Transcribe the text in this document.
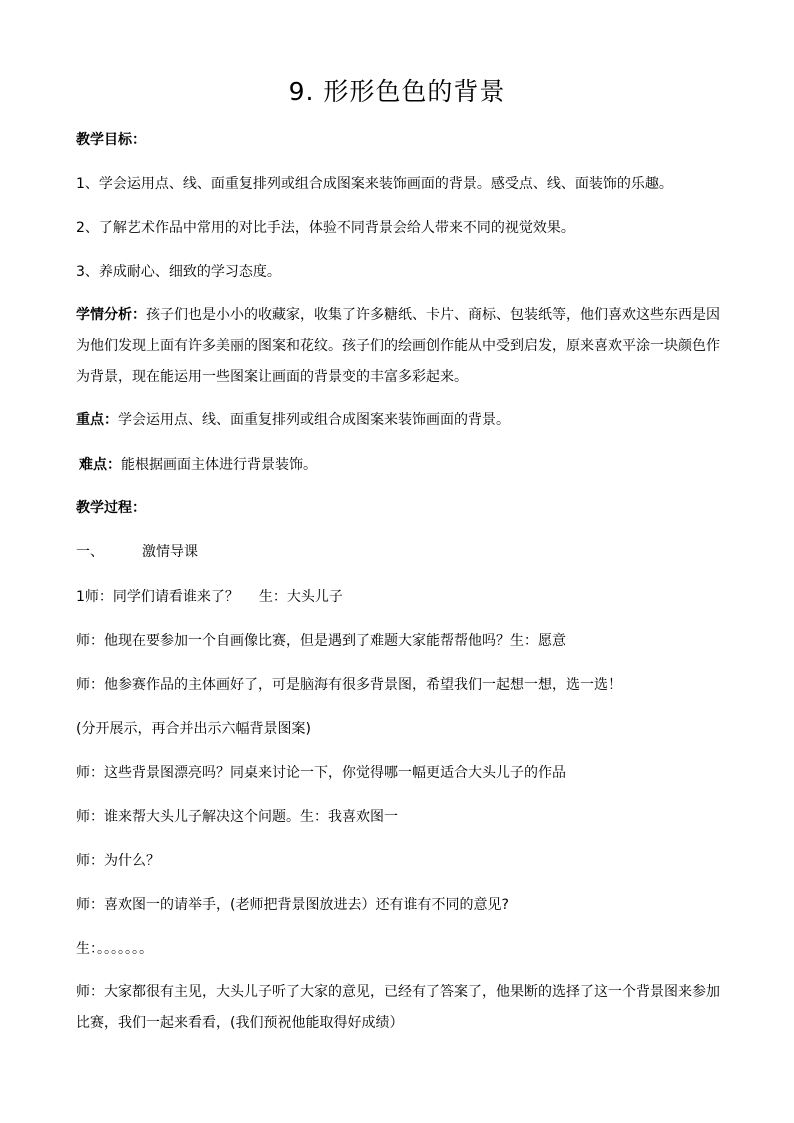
9. 形形色色的背景
教学目标：
1、学会运用点、线、面重复排列或组合成图案来装饰画面的背景。感受点、线、面装饰的乐趣。
2、了解艺术作品中常用的对比手法，体验不同背景会给人带来不同的视觉效果。
3、养成耐心、细致的学习态度。
学情分析：孩子们也是小小的收藏家，收集了许多糖纸、卡片、商标、包装纸等，他们喜欢这些东西是因为他们发现上面有许多美丽的图案和花纹。孩子们的绘画创作能从中受到启发，原来喜欢平涂一块颜色作为背景，现在能运用一些图案让画面的背景变的丰富多彩起来。
重点：学会运用点、线、面重复排列或组合成图案来装饰画面的背景。
难点：能根据画面主体进行背景装饰。
教学过程：
一、	激情导课
1师：同学们请看谁来了？ 生：大头儿子
师：他现在要参加一个自画像比赛，但是遇到了难题大家能帮帮他吗？生：愿意
师：他参赛作品的主体画好了，可是脑海有很多背景图，希望我们一起想一想，选一选！
(分开展示，再合并出示六幅背景图案)
师：这些背景图漂亮吗？同桌来讨论一下，你觉得哪一幅更适合大头儿子的作品
师：谁来帮大头儿子解决这个问题。生：我喜欢图一
师：为什么？
师：喜欢图一的请举手，(老师把背景图放进去）还有谁有不同的意见?
生：。。。。。。。
师：大家都很有主见，大头儿子听了大家的意见，已经有了答案了，他果断的选择了这一个背景图来参加比赛，我们一起来看看，(我们预祝他能取得好成绩）
